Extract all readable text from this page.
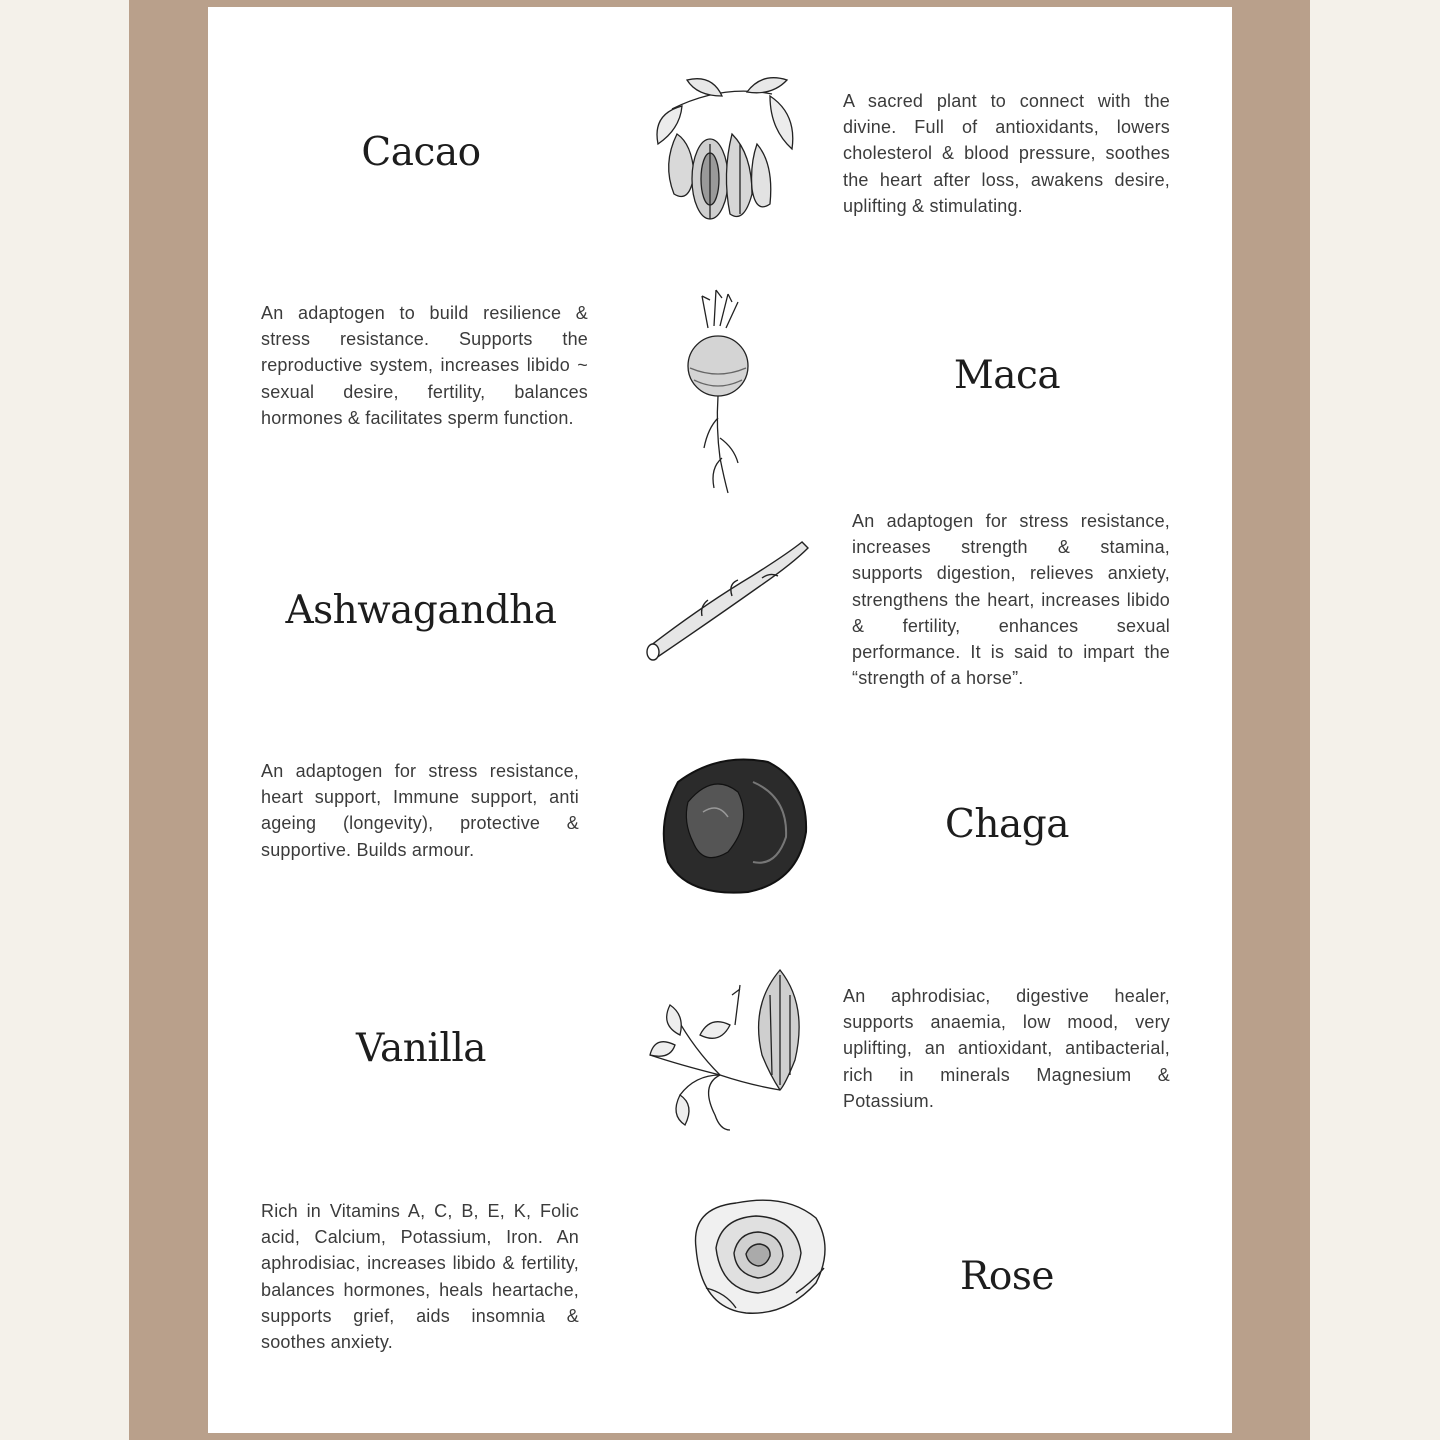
Cacao
A sacred plant to connect with the divine. Full of antioxidants, lowers cholesterol & blood pressure, soothes the heart after loss, awakens desire, uplifting & stimulating.
An adaptogen to build resilience & stress resistance. Supports the reproductive system, increases libido ~ sexual desire, fertility, balances hormones & facilitates sperm function.
Maca
Ashwagandha
An adaptogen for stress resistance, increases strength & stamina, supports digestion, relieves anxiety, strengthens the heart, increases libido & fertility, enhances sexual performance. It is said to impart the “strength of a horse”.
An adaptogen for stress resistance, heart support, Immune support, anti ageing (longevity), protective & supportive. Builds armour.
Chaga
Vanilla
An aphrodisiac, digestive healer, supports anaemia, low mood, very uplifting, an antioxidant, antibacterial, rich in minerals Magnesium & Potassium.
Rich in Vitamins A, C, B, E, K, Folic acid, Calcium, Potassium, Iron. An aphrodisiac, increases libido & fertility, balances hormones, heals heartache, supports grief, aids insomnia & soothes anxiety.
Rose
